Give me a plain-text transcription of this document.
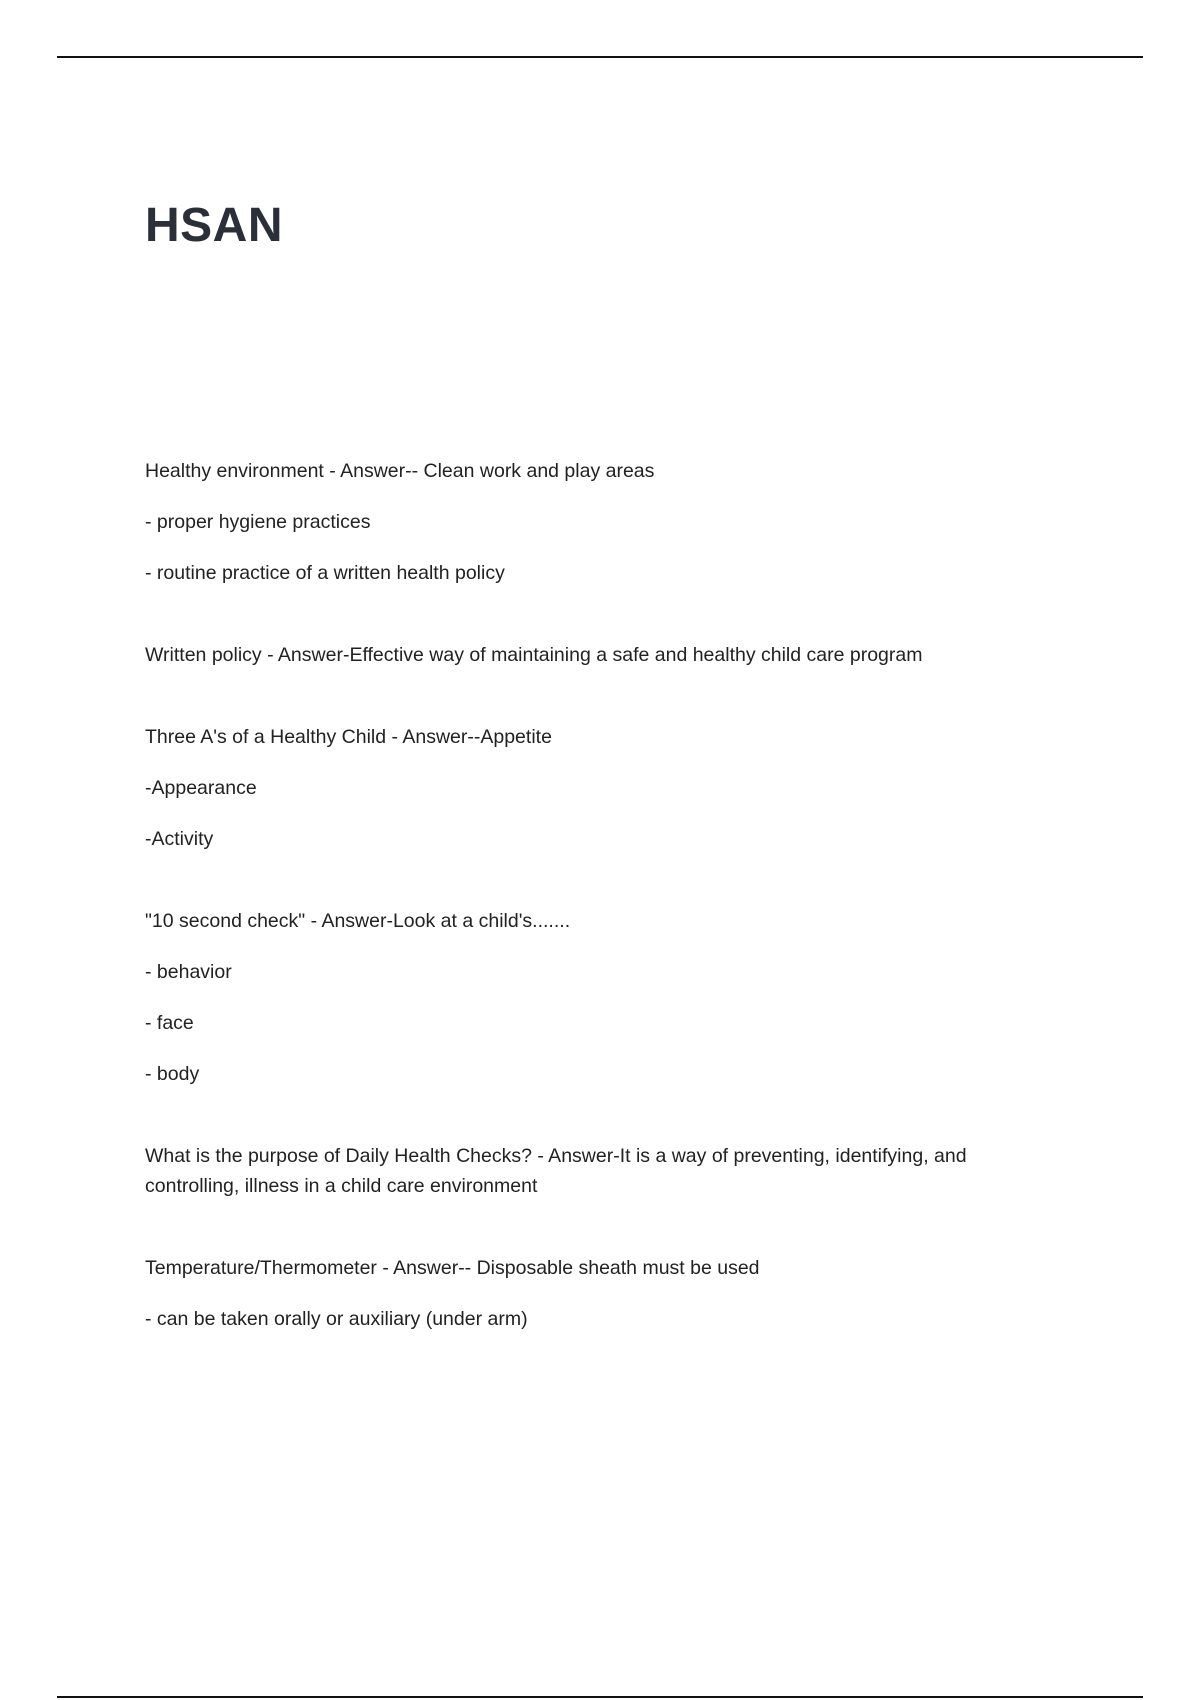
HSAN

Healthy environment - Answer-- Clean work and play areas

- proper hygiene practices

- routine practice of a written health policy

Written policy - Answer-Effective way of maintaining a safe and healthy child care program

Three A's of a Healthy Child - Answer--Appetite

-Appearance

-Activity

"10 second check" - Answer-Look at a child's.......

- behavior

- face

- body

What is the purpose of Daily Health Checks? - Answer-It is a way of preventing, identifying, and controlling, illness in a child care environment

Temperature/Thermometer - Answer-- Disposable sheath must be used

- can be taken orally or auxiliary (under arm)
